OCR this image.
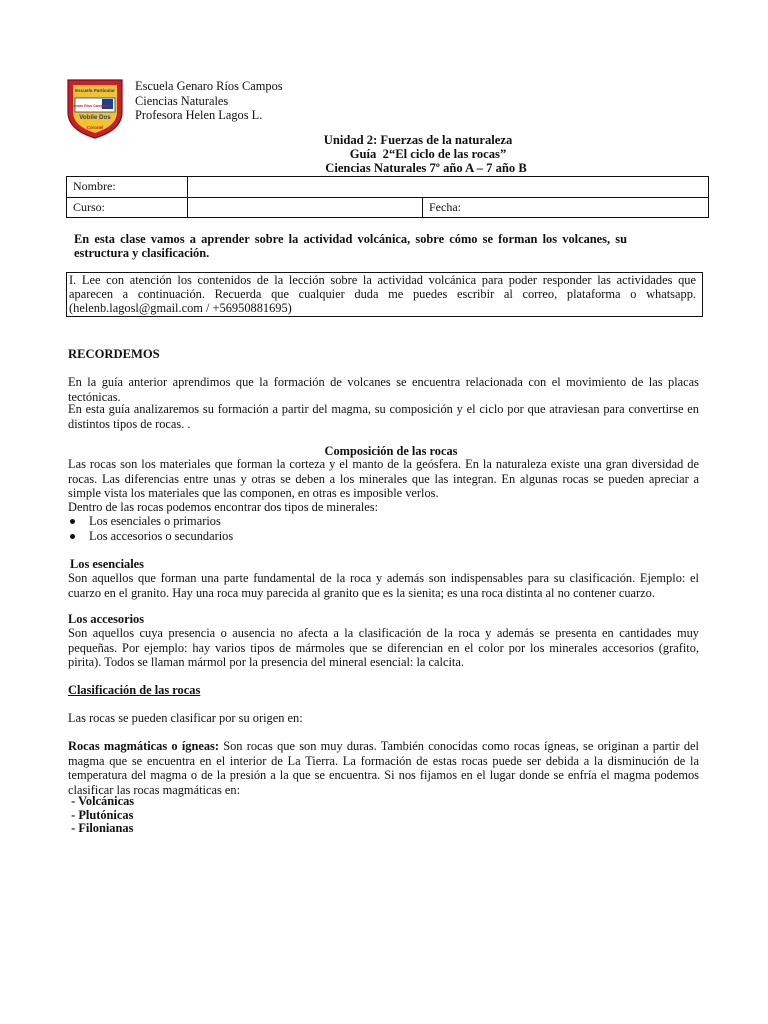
Escuela Particular
"Genaro Ríos Campos"
Vobile Dos
Coronel
Escuela Genaro Ríos Campos
Ciencias Naturales
Profesora Helen Lagos L.
Unidad 2: Fuerzas de la naturaleza
Guía  2“El ciclo de las rocas”
Ciencias Naturales 7º año A – 7 año B
Nombre:		
Curso:		Fecha:
En esta clase vamos a aprender sobre la actividad volcánica, sobre cómo se forman los volcanes, su estructura y clasificación.
I. Lee con atención los contenidos de la lección sobre la actividad volcánica para poder responder las actividades que aparecen a continuación. Recuerda que cualquier duda me puedes escribir al correo, plataforma o whatsapp. (helenb.lagosl@gmail.com / +56950881695)
RECORDEMOS
En la guía anterior aprendimos que la formación de volcanes se encuentra relacionada con el movimiento de las placas tectónicas.
En esta guía analizaremos su formación a partir del magma, su composición y el ciclo por que atraviesan para convertirse en distintos tipos de rocas. .
Composición de las rocas
Las rocas son los materiales que forman la corteza y el manto de la geósfera. En la naturaleza existe una gran diversidad de rocas. Las diferencias entre unas y otras se deben a los minerales que las integran. En algunas rocas se pueden apreciar a simple vista los materiales que las componen, en otras es imposible verlos.
Dentro de las rocas podemos encontrar dos tipos de minerales:
Los esenciales o primarios
Los accesorios o secundarios
Los esenciales
Son aquellos que forman una parte fundamental de la roca y además son indispensables para su clasificación. Ejemplo: el cuarzo en el granito. Hay una roca muy parecida al granito que es la sienita; es una roca distinta al no contener cuarzo.
Los accesorios
Son aquellos cuya presencia o ausencia no afecta a la clasificación de la roca y además se presenta en cantidades muy pequeñas. Por ejemplo: hay varios tipos de mármoles que se diferencian en el color por los minerales accesorios (grafito, pirita). Todos se llaman mármol por la presencia del mineral esencial: la calcita.
Clasificación de las rocas
Las rocas se pueden clasificar por su origen en:
Rocas magmáticas o ígneas: Son rocas que son muy duras. También conocidas como rocas ígneas, se originan a partir del magma que se encuentra en el interior de La Tierra. La formación de estas rocas puede ser debida a la disminución de la temperatura del magma o de la presión a la que se encuentra. Si nos fijamos en el lugar donde se enfría el magma podemos clasificar las rocas magmáticas en:
- Volcánicas
- Plutónicas
- Filonianas
